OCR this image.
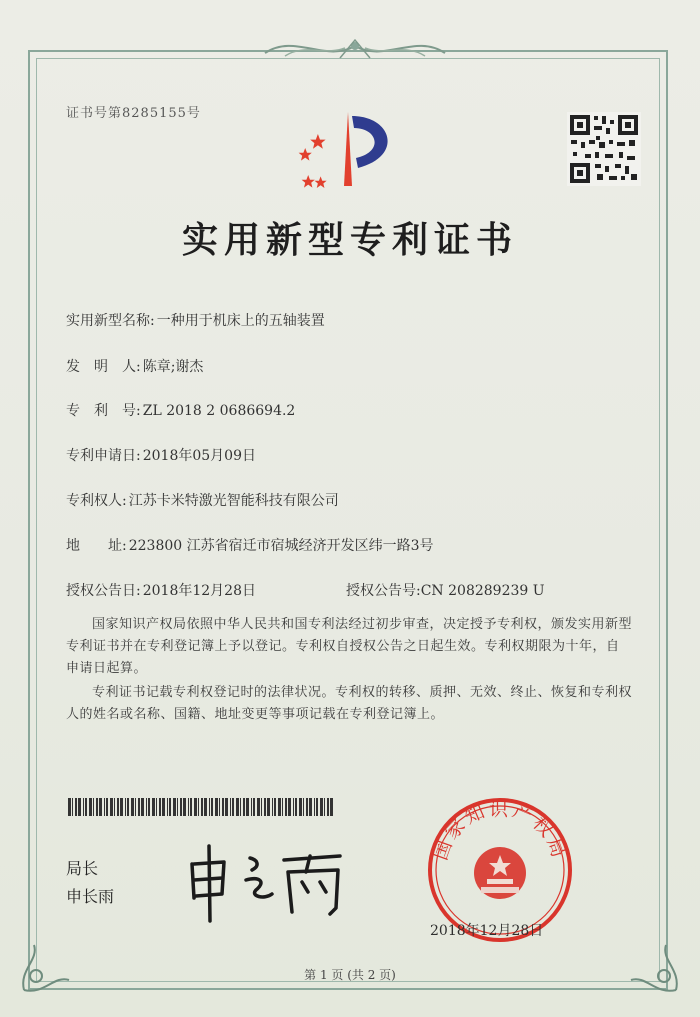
证书号第8285155号
实用新型专利证书
实用新型名称: 一种用于机床上的五轴装置
发　明　人: 陈章;谢杰
专　利　号: ZL 2018 2 0686694.2
专利申请日: 2018年05月09日
专利权人: 江苏卡米特激光智能科技有限公司
地　　址: 223800 江苏省宿迁市宿城经济开发区纬一路3号
授权公告日: 2018年12月28日	授权公告号:CN 208289239 U
国家知识产权局依照中华人民共和国专利法经过初步审查，决定授予专利权，颁发实用新型专利证书并在专利登记簿上予以登记。专利权自授权公告之日起生效。专利权期限为十年，自申请日起算。
专利证书记载专利权登记时的法律状况。专利权的转移、质押、无效、终止、恢复和专利权人的姓名或名称、国籍、地址变更等事项记载在专利登记簿上。
局长
申长雨
国家知识产权局
2018年12月28日
第 1 页 (共 2 页)
